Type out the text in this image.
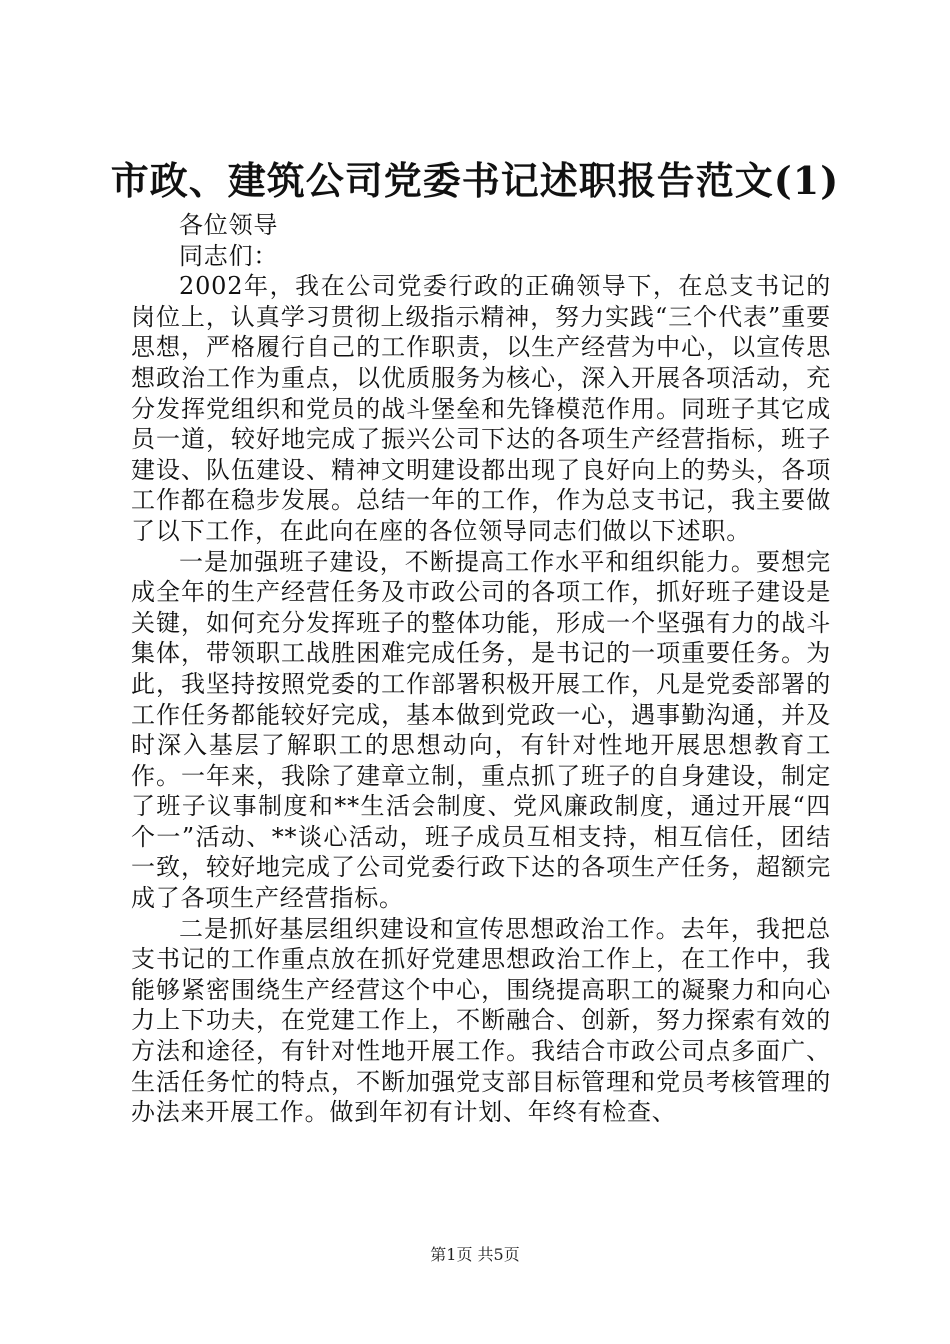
市政、建筑公司党委书记述职报告范文(1)

各位领导

同志们：

2002年，我在公司党委行政的正确领导下，在总支书记的岗位上，认真学习贯彻上级指示精神，努力实践“三个代表”重要思想，严格履行自己的工作职责，以生产经营为中心，以宣传思想政治工作为重点，以优质服务为核心，深入开展各项活动，充分发挥党组织和党员的战斗堡垒和先锋模范作用。同班子其它成员一道，较好地完成了振兴公司下达的各项生产经营指标，班子建设、队伍建设、精神文明建设都出现了良好向上的势头，各项工作都在稳步发展。总结一年的工作，作为总支书记，我主要做了以下工作，在此向在座的各位领导同志们做以下述职。

一是加强班子建设，不断提高工作水平和组织能力。要想完成全年的生产经营任务及市政公司的各项工作，抓好班子建设是关键，如何充分发挥班子的整体功能，形成一个坚强有力的战斗集体，带领职工战胜困难完成任务，是书记的一项重要任务。为此，我坚持按照党委的工作部署积极开展工作，凡是党委部署的工作任务都能较好完成，基本做到党政一心，遇事勤沟通，并及时深入基层了解职工的思想动向，有针对性地开展思想教育工作。一年来，我除了建章立制，重点抓了班子的自身建设，制定了班子议事制度和**生活会制度、党风廉政制度，通过开展“四个一”活动、**谈心活动，班子成员互相支持，相互信任，团结一致，较好地完成了公司党委行政下达的各项生产任务，超额完成了各项生产经营指标。

二是抓好基层组织建设和宣传思想政治工作。去年，我把总支书记的工作重点放在抓好党建思想政治工作上，在工作中，我能够紧密围绕生产经营这个中心，围绕提高职工的凝聚力和向心力上下功夫，在党建工作上，不断融合、创新，努力探索有效的方法和途径，有针对性地开展工作。我结合市政公司点多面广、生活任务忙的特点，不断加强党支部目标管理和党员考核管理的办法来开展工作。做到年初有计划、年终有检查、

第1页 共5页
